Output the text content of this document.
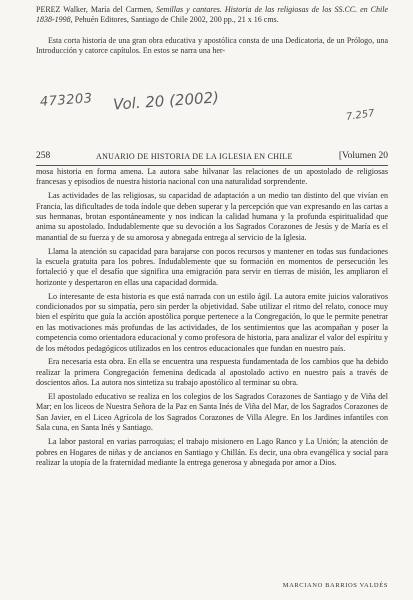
PEREZ Walker, María del Carmen, Semillas y cantares. Historia de las religiosas de los SS.CC. en Chile 1838-1998, Pehuén Editores, Santiago de Chile 2002, 200 pp., 21 x 16 cms.
Esta corta historia de una gran obra educativa y apostólica consta de una Dedicatoria, de un Prólogo, una Introducción y catorce capítulos. En estos se narra una her-
473203 Vol. 20 (2002)
7.257
258	ANUARIO DE HISTORIA DE LA IGLESIA EN CHILE	[Volumen 20

mosa historia en forma amena. La autora sabe hilvanar las relaciones de un apostolado de religiosas francesas y episodios de nuestra historia nacional con una naturalidad sorprendente.

Las actividades de las religiosas, su capacidad de adaptación a un medio tan distinto del que vivían en Francia, las dificultades de toda índole que deben superar y la percepción que van expresando en las cartas a sus hermanas, brotan espontáneamente y nos indican la calidad humana y la profunda espiritualidad que anima su apostolado. Indudablemente que su devoción a los Sagrados Corazones de Jesús y de María es el manantial de su fuerza y de su amorosa y abnegada entrega al servicio de la Iglesia.

Llama la atención su capacidad para barajarse con pocos recursos y mantener en todas sus fundaciones la escuela gratuita para los pobres. Indudablemente que su formación en momentos de persecución les fortaleció y que el desafío que significa una emigración para servir en tierras de misión, les ampliaron el horizonte y despertaron en ellas una capacidad dormida.

Lo interesante de esta historia es que está narrada con un estilo ágil. La autora emite juicios valorativos condicionados por su simpatía, pero sin perder la objetividad. Sabe utilizar el ritmo del relato, conoce muy bien el espíritu que guía la acción apostólica porque pertenece a la Congregación, lo que le permite penetrar en las motivaciones más profundas de las actividades, de los sentimientos que las acompañan y poser la competencia como orientadora educacional y como profesora de historia, para analizar el valor del espíritu y de los métodos pedagógicos utilizados en los centros educacionales que fundan en nuestro país.

Era necesaria esta obra. En ella se encuentra una respuesta fundamentada de los cambios que ha debido realizar la primera Congregación femenina dedicada al apostolado activo en nuestro país a través de doscientos años. La autora nos sintetiza su trabajo apostólico al terminar su obra.

El apostolado educativo se realiza en los colegios de los Sagrados Corazones de Santiago y de Viña del Mar; en los liceos de Nuestra Señora de la Paz en Santa Inés de Viña del Mar, de los Sagrados Corazones de San Javier, en el Liceo Agrícola de los Sagrados Corazones de Villa Alegre. En los Jardines infantiles con Sala cuna, en Santa Inés y Santiago.

La labor pastoral en varias parroquias; el trabajo misionero en Lago Ranco y La Unión; la atención de pobres en Hogares de niñas y de ancianos en Santiago y Chillán. Es decir, una obra evangélica y social para realizar la utopía de la fraternidad mediante la entrega generosa y abnegada por amor a Dios.

MARCIANO BARRIOS VALDÉS
